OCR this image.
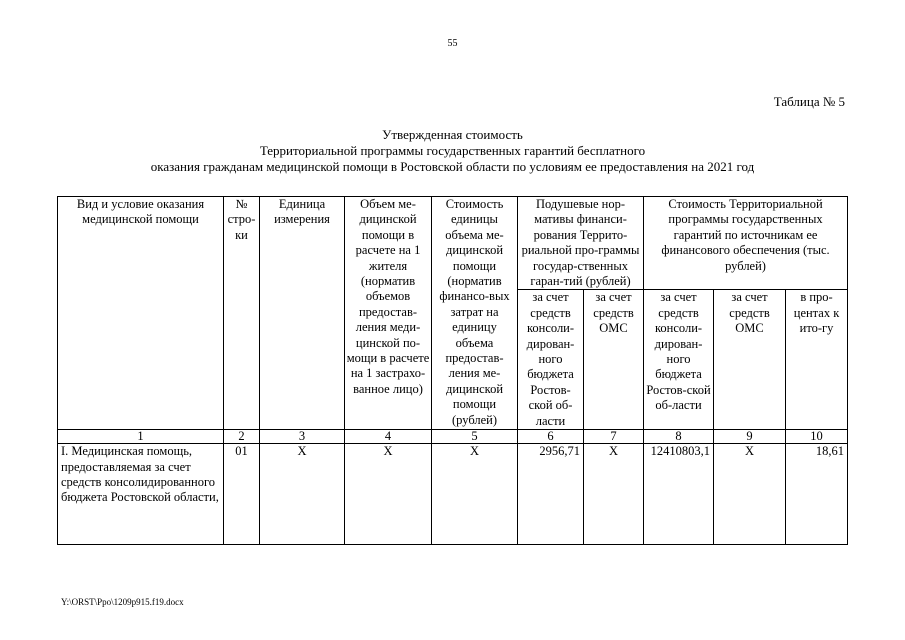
55
Таблица № 5
Утвержденная стоимость
Территориальной программы государственных гарантий бесплатного
оказания гражданам медицинской помощи в Ростовской области по условиям ее предоставления на 2021 год
Вид и условие оказания медицинской помощи	№ стро-ки	Единица измерения	Объем ме-дицинской помощи в расчете на 1 жителя (норматив объемов предостав-ления меди-цинской по-мощи в расчете на 1 застрахо-ванное лицо)	Стоимость единицы объема ме-дицинской помощи (норматив финансо-вых затрат на единицу объема предостав-ления ме-дицинской помощи (рублей)	Подушевые нор-мативы финанси-рования Террито-риальной про-граммы государ-ственных гаран-тий (рублей)		Стоимость Территориальной программы государственных гарантий по источникам ее финансового обеспечения (тыс. рублей)		
					за счет средств консоли-дирован-ного бюджета Ростов-ской об-ласти	за счет средств ОМС	за счет средств консоли-дирован-ного бюджета Ростов-ской об-ласти	за счет средств ОМС	в про-центах к ито-гу
1	2	3	4	5	6	7	8	9	10
I. Медицинская помощь, предоставляемая за счет средств консолидированного бюджета Ростовской области,	01	Х	Х	Х	2956,71	Х	12410803,1	Х	18,61
Y:\ORST\Ppo\1209p915.f19.docx
